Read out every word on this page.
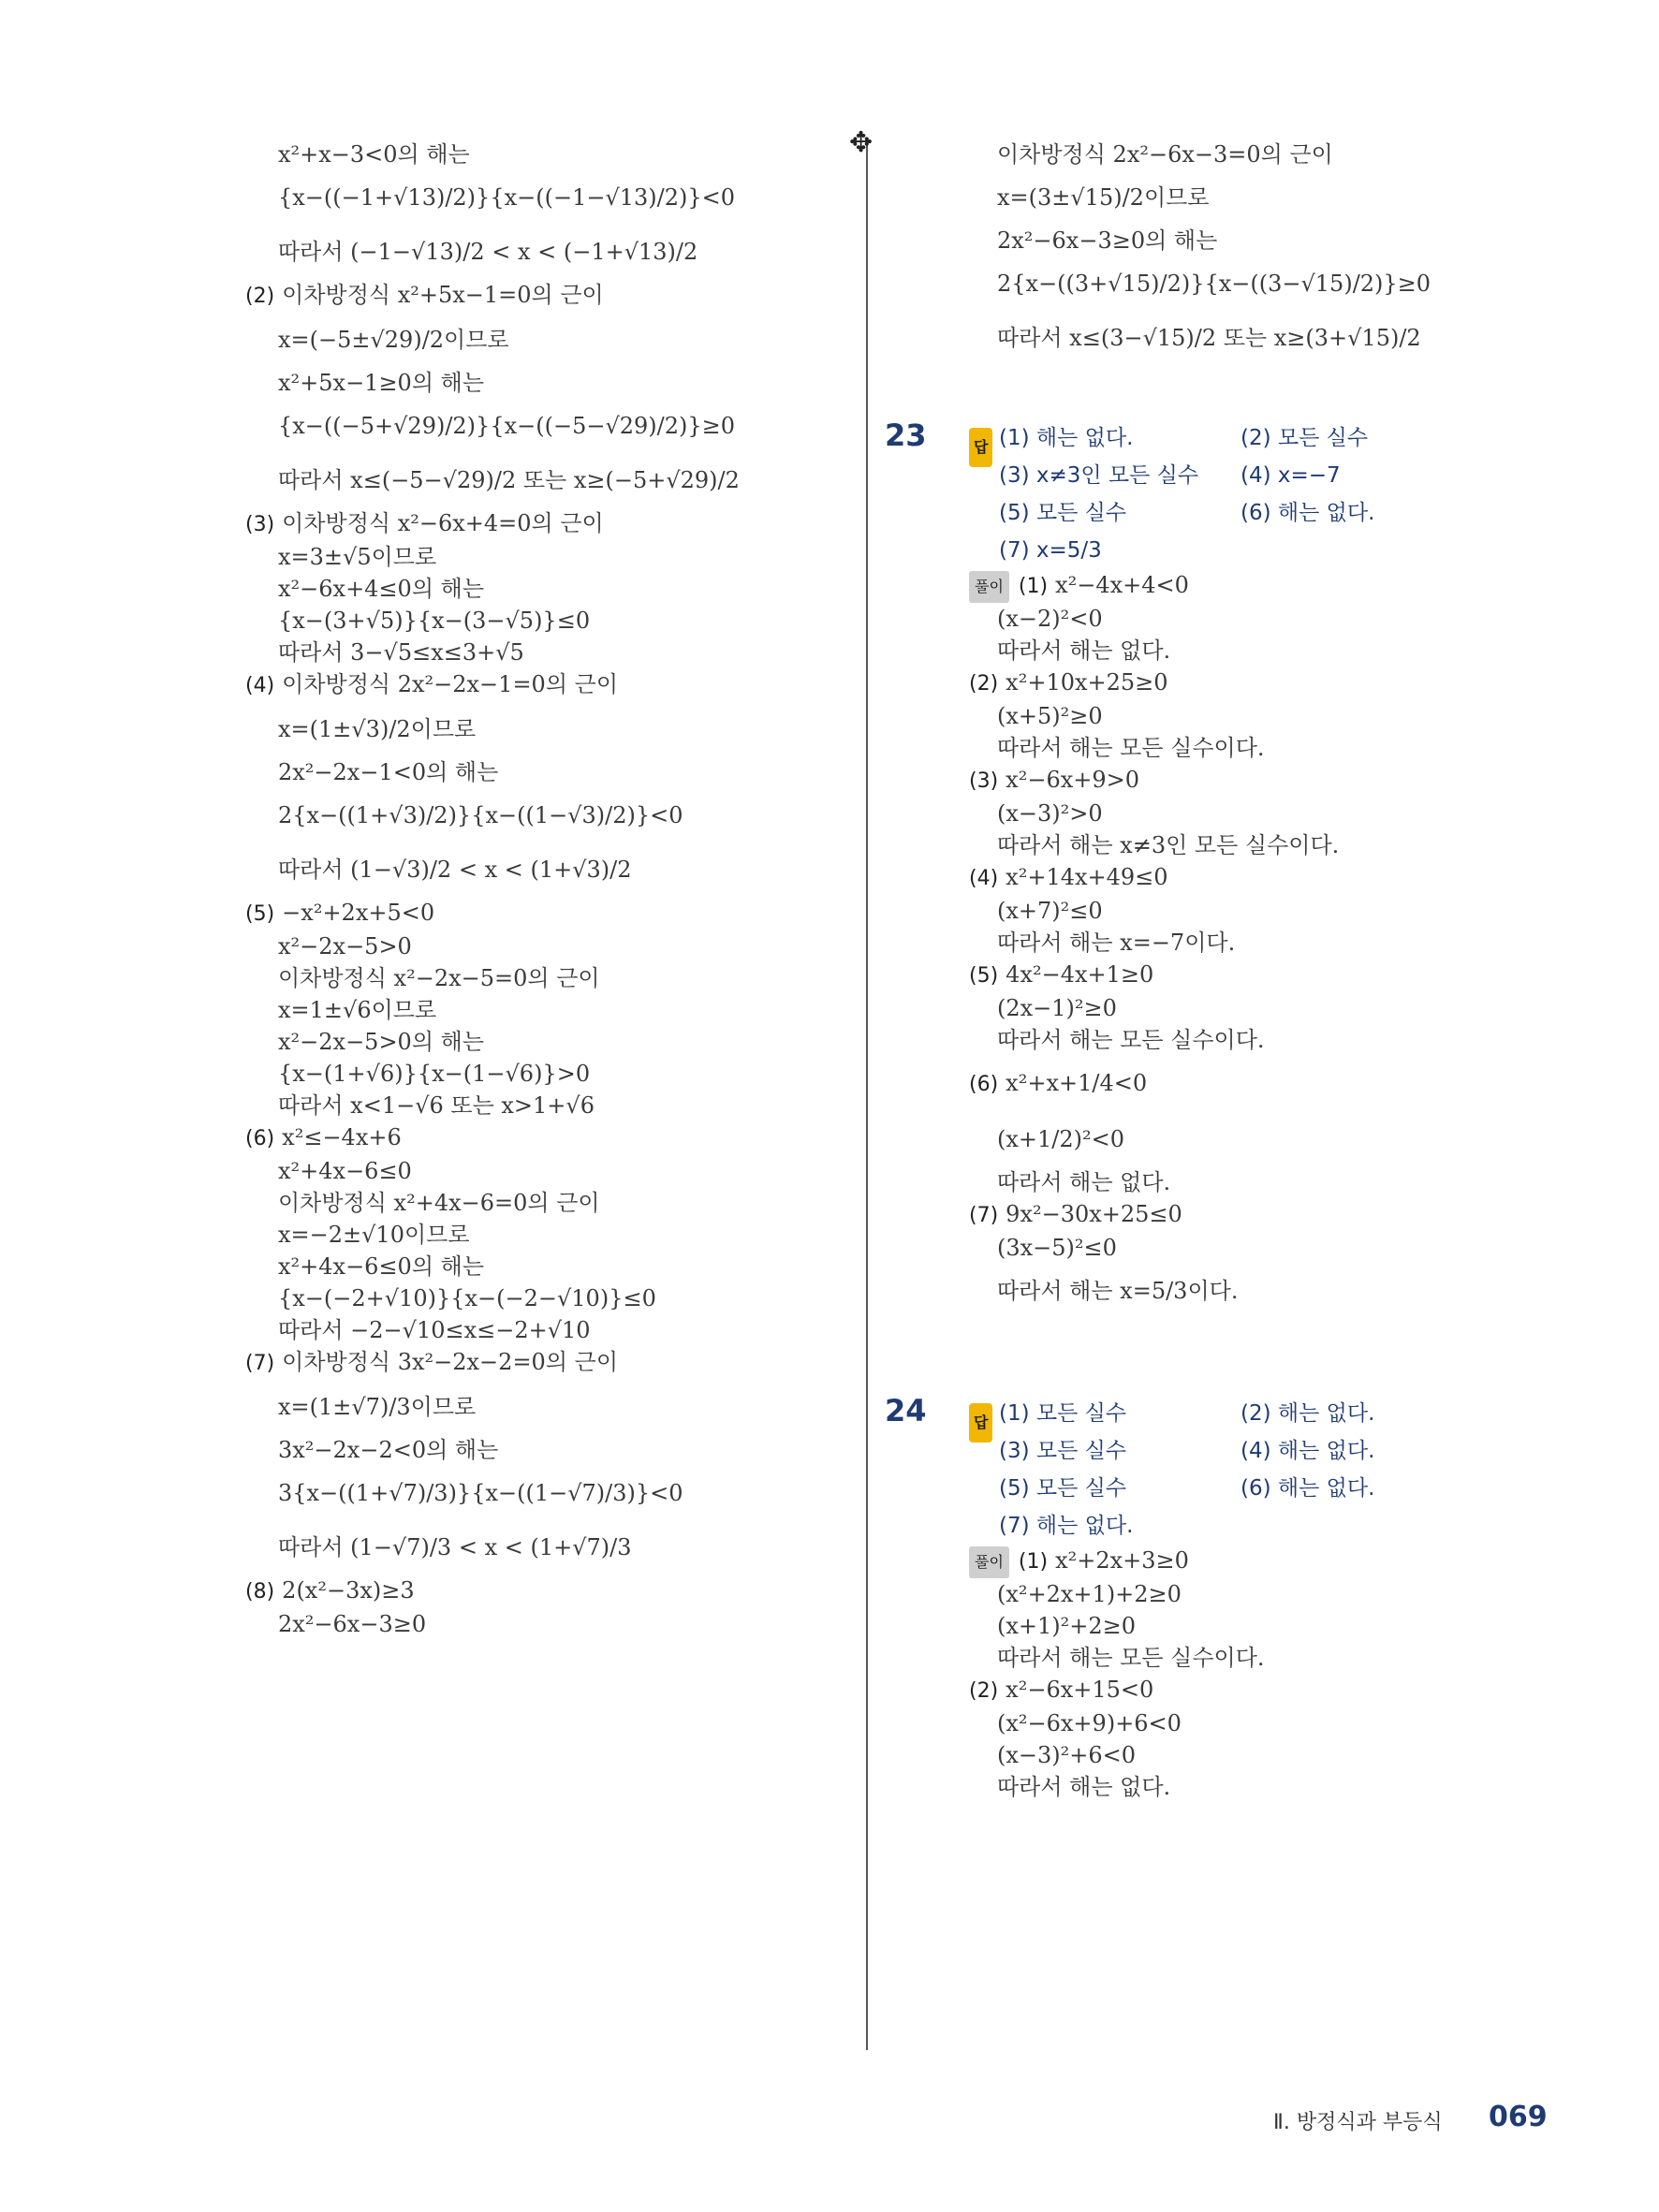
✥
x²+x−3<0의 해는
{x−((−1+√13)/2)}{x−((−1−√13)/2)}<0
따라서 (−1−√13)/2 < x < (−1+√13)/2
(2) 이차방정식 x²+5x−1=0의 근이
x=(−5±√29)/2이므로
x²+5x−1≥0의 해는
{x−((−5+√29)/2)}{x−((−5−√29)/2)}≥0
따라서 x≤(−5−√29)/2 또는 x≥(−5+√29)/2
(3) 이차방정식 x²−6x+4=0의 근이
x=3±√5이므로
x²−6x+4≤0의 해는
{x−(3+√5)}{x−(3−√5)}≤0
따라서 3−√5≤x≤3+√5
(4) 이차방정식 2x²−2x−1=0의 근이
x=(1±√3)/2이므로
2x²−2x−1<0의 해는
2{x−((1+√3)/2)}{x−((1−√3)/2)}<0
따라서 (1−√3)/2 < x < (1+√3)/2
(5) −x²+2x+5<0
x²−2x−5>0
이차방정식 x²−2x−5=0의 근이
x=1±√6이므로
x²−2x−5>0의 해는
{x−(1+√6)}{x−(1−√6)}>0
따라서 x<1−√6 또는 x>1+√6
(6) x²≤−4x+6
x²+4x−6≤0
이차방정식 x²+4x−6=0의 근이
x=−2±√10이므로
x²+4x−6≤0의 해는
{x−(−2+√10)}{x−(−2−√10)}≤0
따라서 −2−√10≤x≤−2+√10
(7) 이차방정식 3x²−2x−2=0의 근이
x=(1±√7)/3이므로
3x²−2x−2<0의 해는
3{x−((1+√7)/3)}{x−((1−√7)/3)}<0
따라서 (1−√7)/3 < x < (1+√7)/3
(8) 2(x²−3x)≥3
2x²−6x−3≥0
이차방정식 2x²−6x−3=0의 근이
x=(3±√15)/2이므로
2x²−6x−3≥0의 해는
2{x−((3+√15)/2)}{x−((3−√15)/2)}≥0
따라서 x≤(3−√15)/2 또는 x≥(3+√15)/2
23	답 (1) 해는 없다.	(2) 모든 실수
(3) x≠3인 모든 실수 (4) x=−7
(5) 모든 실수	(6) 해는 없다.
(7) x=5/3
풀이 (1) x²−4x+4<0
(x−2)²<0
따라서 해는 없다.
(2) x²+10x+25≥0
(x+5)²≥0
따라서 해는 모든 실수이다.
(3) x²−6x+9>0
(x−3)²>0
따라서 해는 x≠3인 모든 실수이다.
(4) x²+14x+49≤0
(x+7)²≤0
따라서 해는 x=−7이다.
(5) 4x²−4x+1≥0
(2x−1)²≥0
따라서 해는 모든 실수이다.
(6) x²+x+1/4<0
(x+1/2)²<0
따라서 해는 없다.
(7) 9x²−30x+25≤0
(3x−5)²≤0
따라서 해는 x=5/3이다.
24	답 (1) 모든 실수	(2) 해는 없다.
(3) 모든 실수	(4) 해는 없다.
(5) 모든 실수	(6) 해는 없다.
(7) 해는 없다.
풀이 (1) x²+2x+3≥0
(x²+2x+1)+2≥0
(x+1)²+2≥0
따라서 해는 모든 실수이다.
(2) x²−6x+15<0
(x²−6x+9)+6<0
(x−3)²+6<0
따라서 해는 없다.
Ⅱ. 방정식과 부등식 069
